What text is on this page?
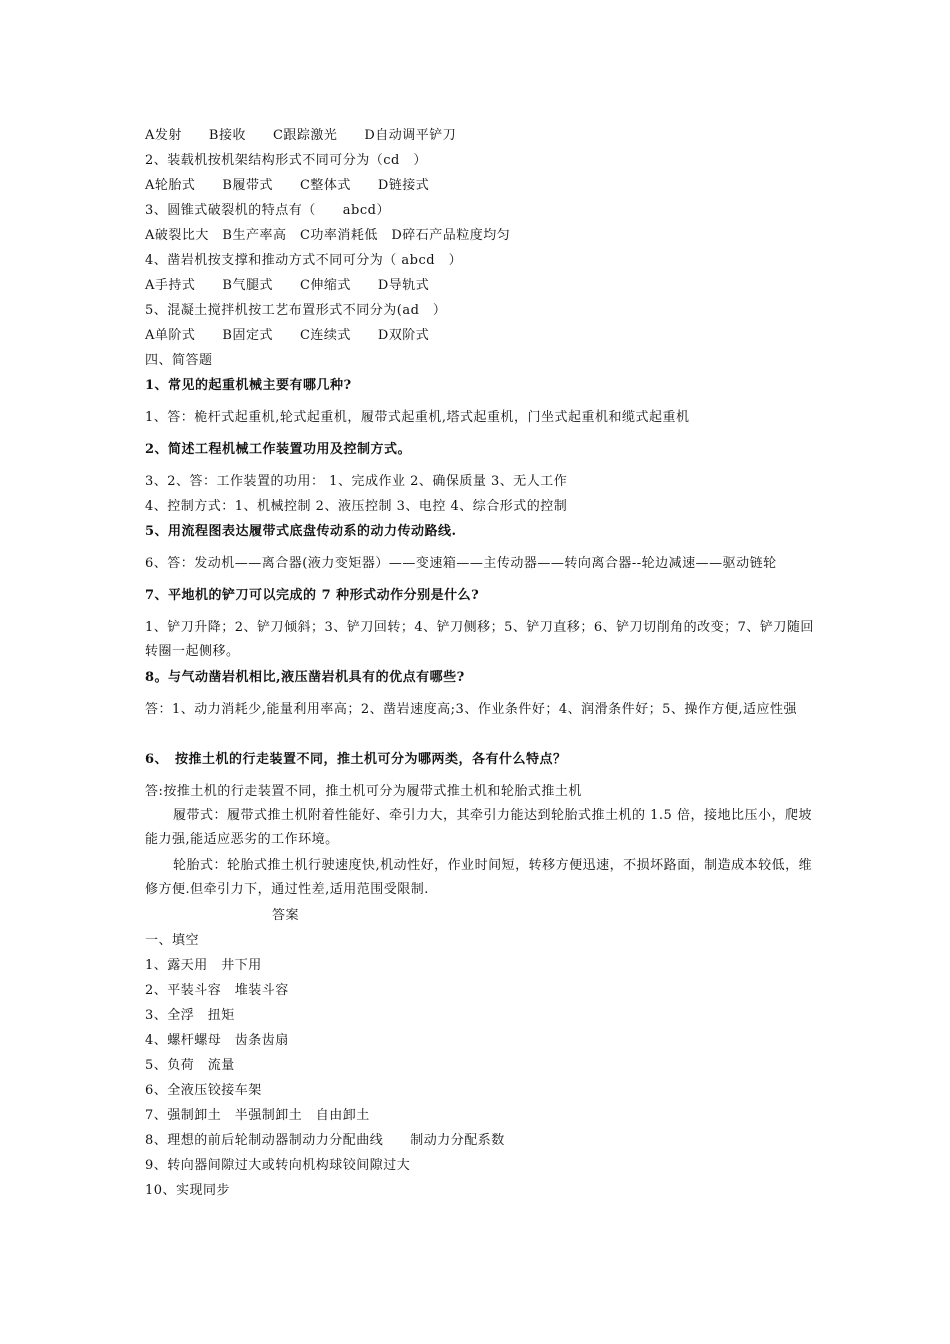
A发射　　B接收　　C跟踪激光　　D自动调平铲刀
2、装载机按机架结构形式不同可分为（cd　）
A轮胎式　　B履带式　　C整体式　　D链接式
3、圆锥式破裂机的特点有（　　abcd）
A破裂比大　B生产率高　C功率消耗低　D碎石产品粒度均匀
4、凿岩机按支撑和推动方式不同可分为（ abcd　）
A手持式　　B气腿式　　C伸缩式　　D导轨式
5、混凝土搅拌机按工艺布置形式不同分为(ad　）
A单阶式　　B固定式　　C连续式　　D双阶式
四、简答题
1、常见的起重机械主要有哪几种?
1、答：桅杆式起重机,轮式起重机，履带式起重机,塔式起重机，门坐式起重机和缆式起重机
2、简述工程机械工作装置功用及控制方式。
3、2、答：工作装置的功用： 1、完成作业 2、确保质量 3、无人工作
4、控制方式：1、机械控制 2、液压控制 3、电控 4、综合形式的控制
5、用流程图表达履带式底盘传动系的动力传动路线.
6、答：发动机——离合器(液力变矩器）——变速箱——主传动器——转向离合器--轮边减速——驱动链轮
7、平地机的铲刀可以完成的 7 种形式动作分别是什么?
1、铲刀升降；2、铲刀倾斜；3、铲刀回转；4、铲刀侧移；5、铲刀直移；6、铲刀切削角的改变；7、铲刀随回转圈一起侧移。
8。与气动凿岩机相比,液压凿岩机具有的优点有哪些?
答：1、动力消耗少,能量利用率高；2、凿岩速度高;3、作业条件好；4、润滑条件好；5、操作方便,适应性强
6、　按推土机的行走装置不同，推土机可分为哪两类，各有什么特点？
答:按推土机的行走装置不同，推土机可分为履带式推土机和轮胎式推土机
履带式：履带式推土机附着性能好、牵引力大，其牵引力能达到轮胎式推土机的 1.5 倍，接地比压小，爬坡能力强,能适应恶劣的工作环境。
轮胎式：轮胎式推土机行驶速度快,机动性好，作业时间短，转移方便迅速，不损坏路面，制造成本较低，维修方便.但牵引力下，通过性差,适用范围受限制.
答案
一、填空
1、露天用　井下用
2、平装斗容　堆装斗容
3、全浮　扭矩
4、螺杆螺母　齿条齿扇
5、负荷　流量
6、全液压铰接车架
7、强制卸土　半强制卸土　自由卸土
8、理想的前后轮制动器制动力分配曲线　　制动力分配系数
9、转向器间隙过大或转向机构球铰间隙过大
10、实现同步
